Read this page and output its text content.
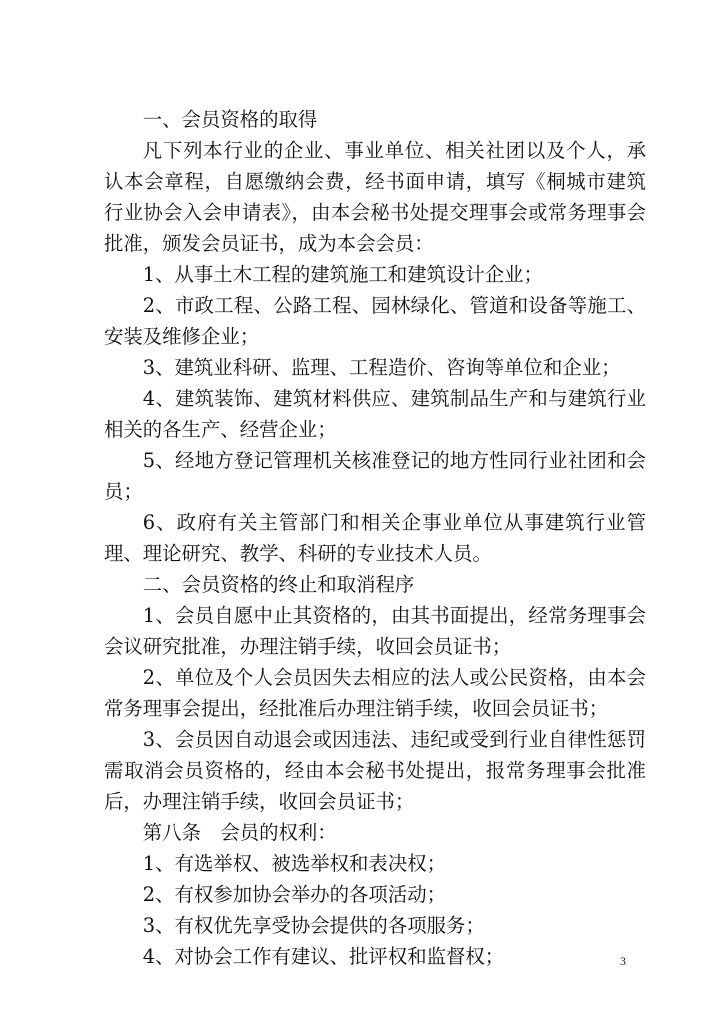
一、会员资格的取得

凡下列本行业的企业、事业单位、相关社团以及个人，承认本会章程，自愿缴纳会费，经书面申请，填写《桐城市建筑行业协会入会申请表》，由本会秘书处提交理事会或常务理事会批准，颁发会员证书，成为本会会员：

1、从事土木工程的建筑施工和建筑设计企业；

2、市政工程、公路工程、园林绿化、管道和设备等施工、安装及维修企业；

3、建筑业科研、监理、工程造价、咨询等单位和企业；

4、建筑装饰、建筑材料供应、建筑制品生产和与建筑行业相关的各生产、经营企业；

5、经地方登记管理机关核准登记的地方性同行业社团和会员；

6、政府有关主管部门和相关企事业单位从事建筑行业管理、理论研究、教学、科研的专业技术人员。

二、会员资格的终止和取消程序

1、会员自愿中止其资格的，由其书面提出，经常务理事会会议研究批准，办理注销手续，收回会员证书；

2、单位及个人会员因失去相应的法人或公民资格，由本会常务理事会提出，经批准后办理注销手续，收回会员证书；

3、会员因自动退会或因违法、违纪或受到行业自律性惩罚需取消会员资格的，经由本会秘书处提出，报常务理事会批准后，办理注销手续，收回会员证书；

第八条　会员的权利：

1、有选举权、被选举权和表决权；

2、有权参加协会举办的各项活动；

3、有权优先享受协会提供的各项服务；

4、对协会工作有建议、批评权和监督权；	3
